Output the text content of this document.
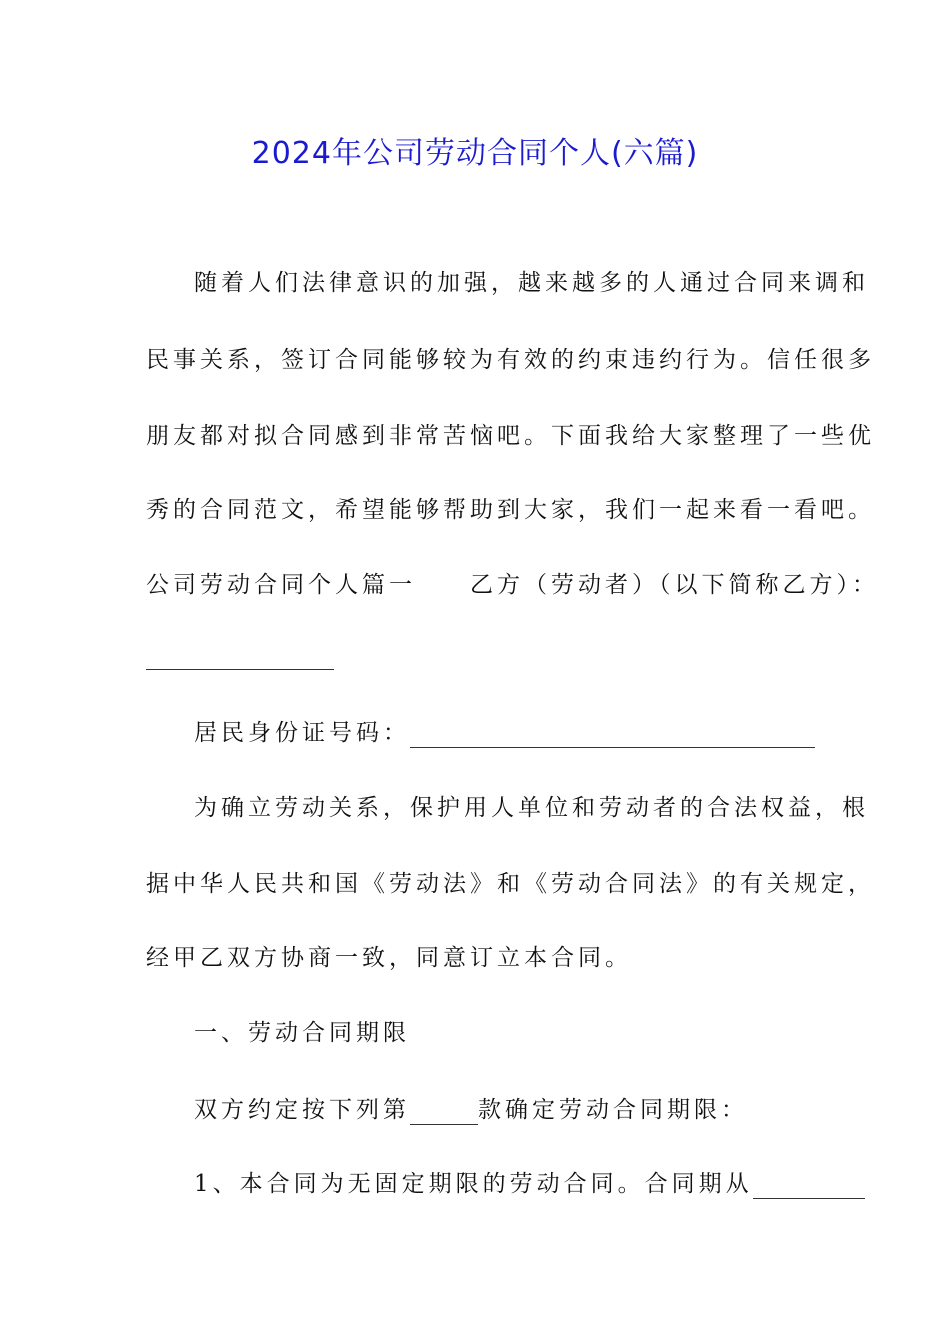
2024年公司劳动合同个人(六篇)
随着人们法律意识的加强，越来越多的人通过合同来调和
民事关系，签订合同能够较为有效的约束违约行为。信任很多
朋友都对拟合同感到非常苦恼吧。下面我给大家整理了一些优
秀的合同范文，希望能够帮助到大家，我们一起来看一看吧。
公司劳动合同个人篇一　　乙方（劳动者）（以下简称乙方）：
居民身份证号码：
为确立劳动关系，保护用人单位和劳动者的合法权益，根
据中华人民共和国《劳动法》和《劳动合同法》的有关规定，
经甲乙双方协商一致，同意订立本合同。
一、劳动合同期限
双方约定按下列第	款确定劳动合同期限：
1、本合同为无固定期限的劳动合同。合同期从
